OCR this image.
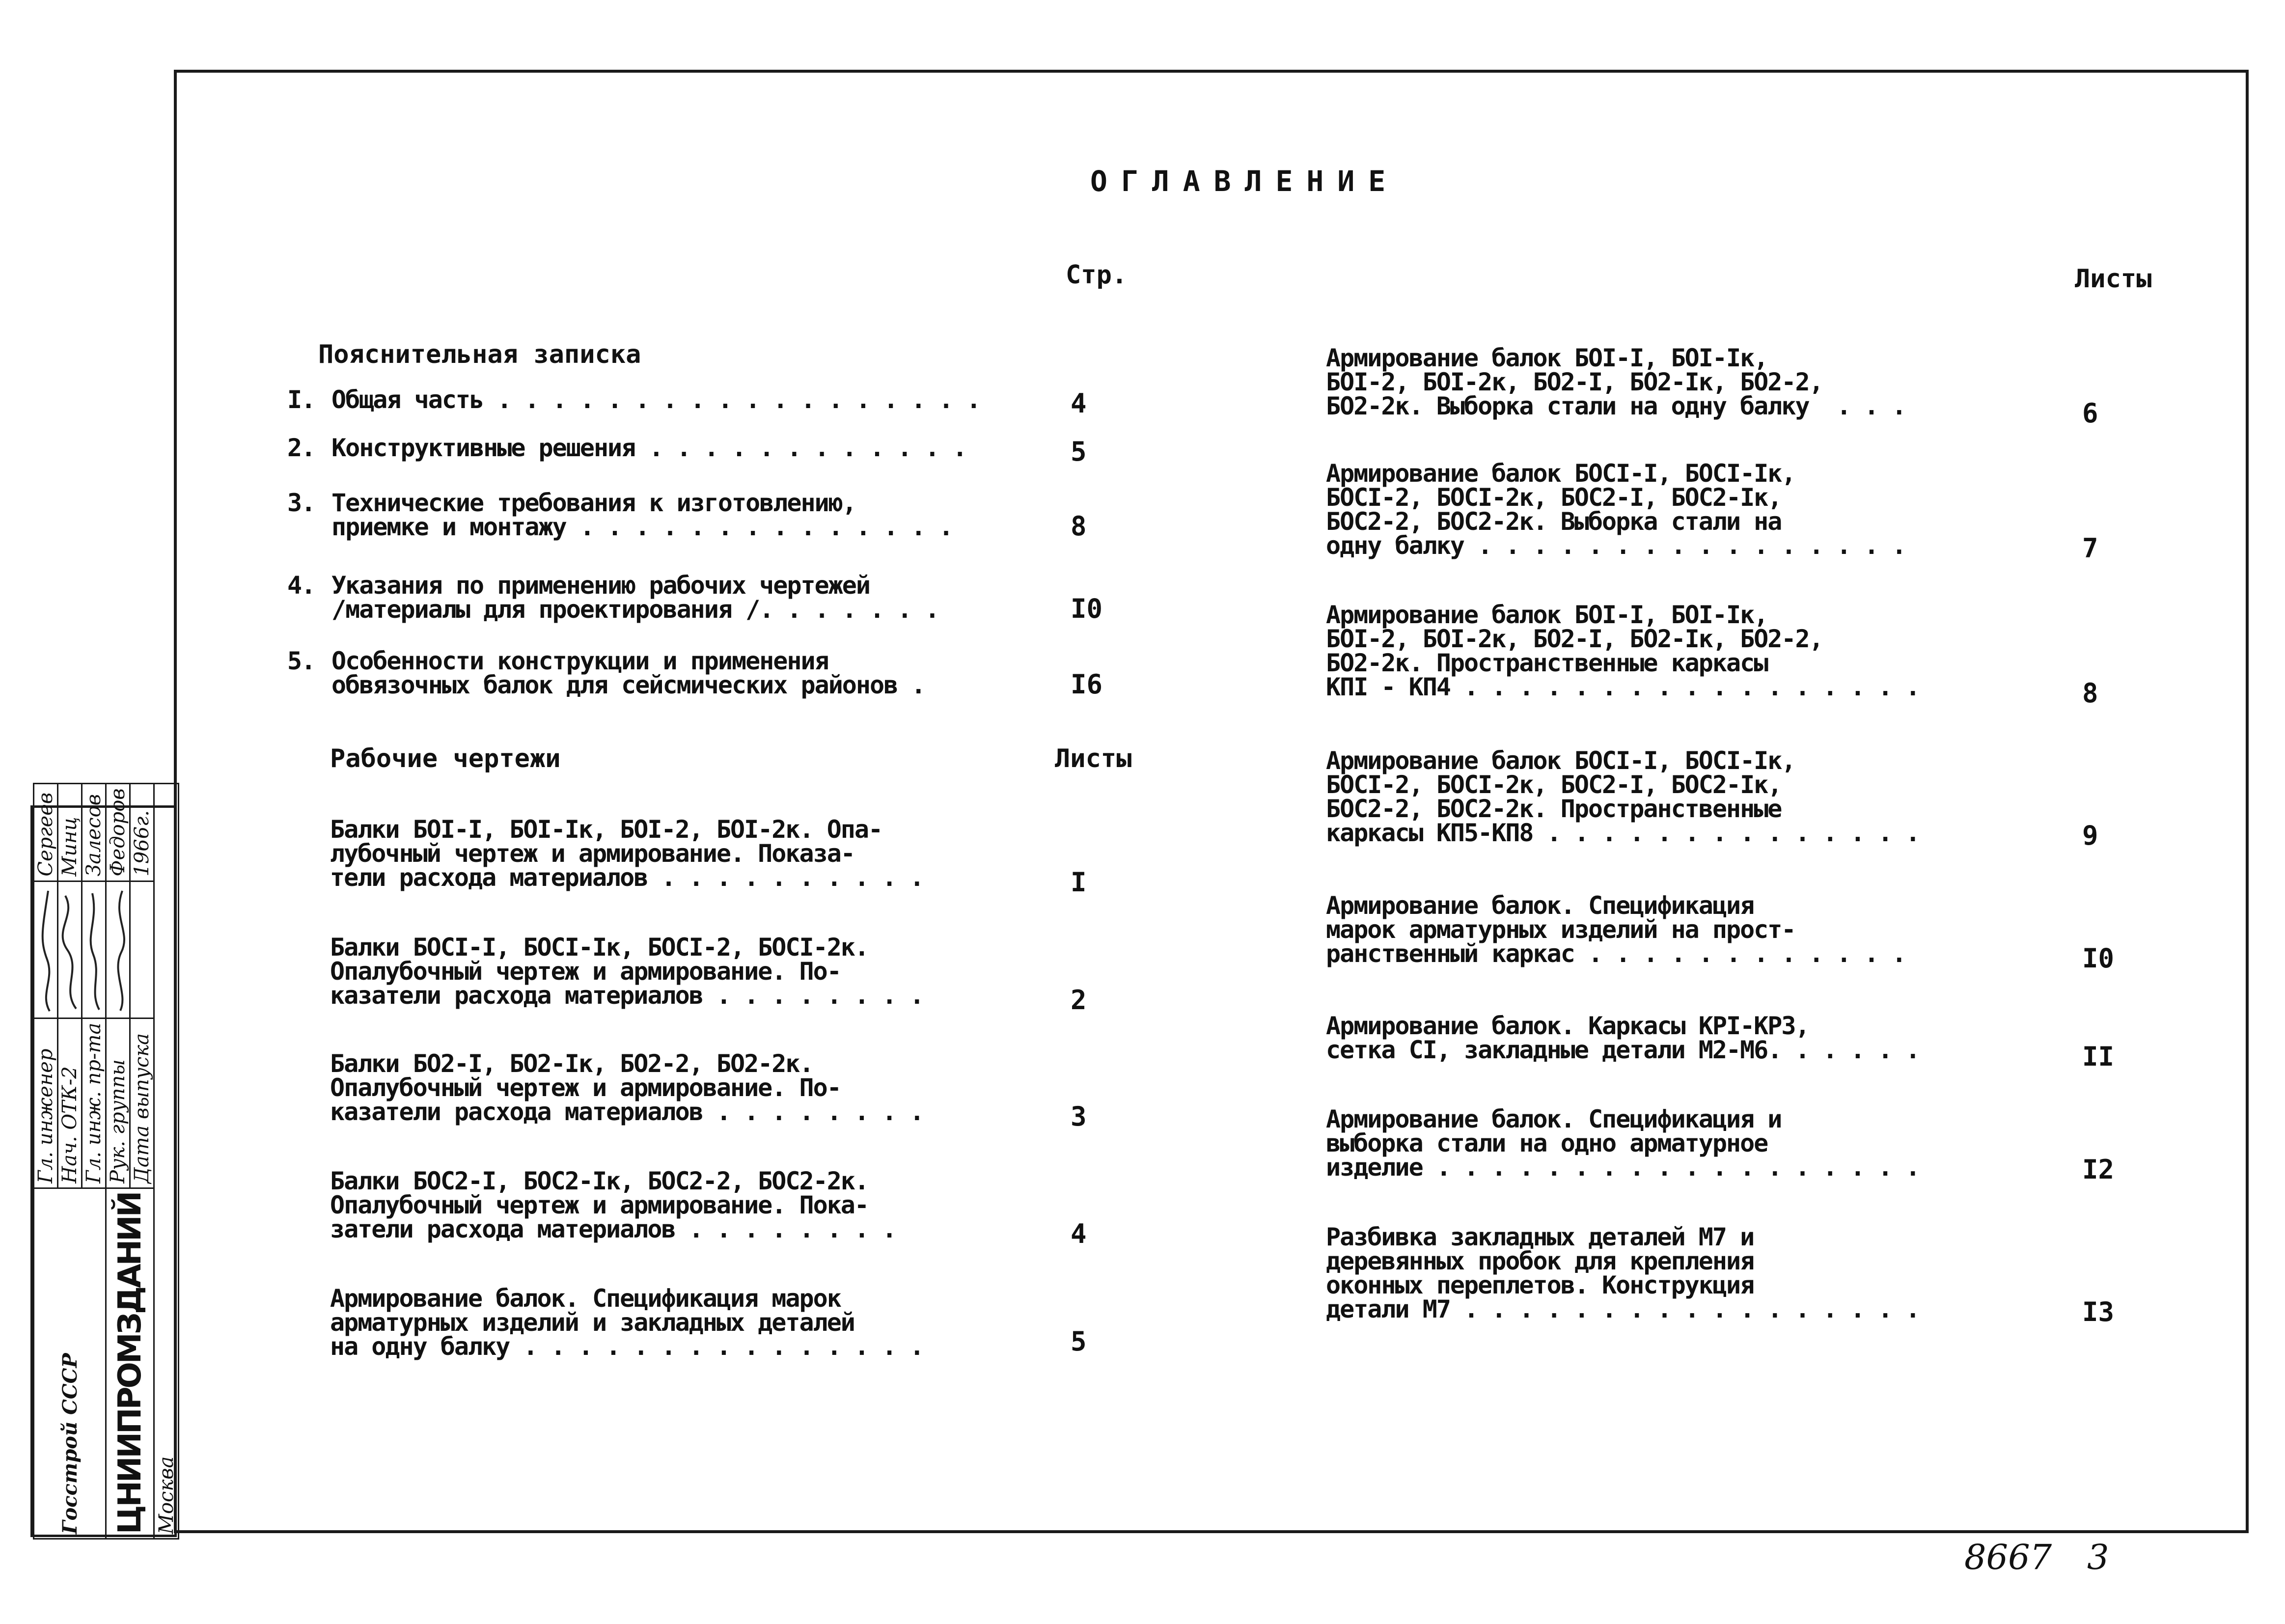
ОГЛАВЛЕНИЕ
Стр.
Пояснительная записка
I. Общая часть . . . . . . . . . . . . . . . . . .	4
2. Конструктивные решения . . . . . . . . . . . .	5
3. Технические требования к изготовлению,
приемке и монтажу . . . . . . . . . . . . . .	8
4. Указания по применению рабочих чертежей
/материалы для проектирования /. . . . . . .	I0
5. Особенности конструкции и применения
обвязочных балок для сейсмических районов .	I6
Рабочие чертежи	Листы
Балки БОI-I, БОI-Iк, БОI-2, БОI-2к. Опа-
лубочный чертеж и армирование. Показа-
тели расхода материалов . . . . . . . . . .	I
Балки БОСI-I, БОСI-Iк, БОСI-2, БОСI-2к.
Опалубочный чертеж и армирование. По-
казатели расхода материалов . . . . . . . .	2
Балки БО2-I, БО2-Iк, БО2-2, БО2-2к.
Опалубочный чертеж и армирование. По-
казатели расхода материалов . . . . . . . .	3
Балки БОС2-I, БОС2-Iк, БОС2-2, БОС2-2к.
Опалубочный чертеж и армирование. Пока-
затели расхода материалов . . . . . . . .	4
Армирование балок. Спецификация марок
арматурных изделий и закладных деталей
на одну балку . . . . . . . . . . . . . . .	5
Листы
Армирование балок БОI-I, БОI-Iк,
БОI-2, БОI-2к, БО2-I, БО2-Iк, БО2-2,
БО2-2к. Выборка стали на одну балку  . . .	6
Армирование балок БОСI-I, БОСI-Iк,
БОСI-2, БОСI-2к, БОС2-I, БОС2-Iк,
БОС2-2, БОС2-2к. Выборка стали на
одну балку . . . . . . . . . . . . . . . .	7
Армирование балок БОI-I, БОI-Iк,
БОI-2, БОI-2к, БО2-I, БО2-Iк, БО2-2,
БО2-2к. Пространственные каркасы
КПI - КП4 . . . . . . . . . . . . . . . . .	8
Армирование балок БОСI-I, БОСI-Iк,
БОСI-2, БОСI-2к, БОС2-I, БОС2-Iк,
БОС2-2, БОС2-2к. Пространственные
каркасы КП5-КП8 . . . . . . . . . . . . . .	9
Армирование балок. Спецификация
марок арматурных изделий на прост-
ранственный каркас . . . . . . . . . . . .	I0
Армирование балок. Каркасы КРI-КР3,
сетка СI, закладные детали М2-М6. . . . . .	II
Армирование балок. Спецификация и
выборка стали на одно арматурное
изделие . . . . . . . . . . . . . . . . . .	I2
Разбивка закладных деталей М7 и
деревянных пробок для крепления
оконных переплетов. Конструкция
детали М7 . . . . . . . . . . . . . . . . .	I3
Госстрой СССР	Гл. инженер		Сергеев
	Нач. ОТК-2		Минц
	Гл. инж. пр-та		Залесов
ЦНИИПРОМЗДАНИЙ	Рук. группы		Федоров
	Дата выпуска		1966г.
Москва			
8667 3
